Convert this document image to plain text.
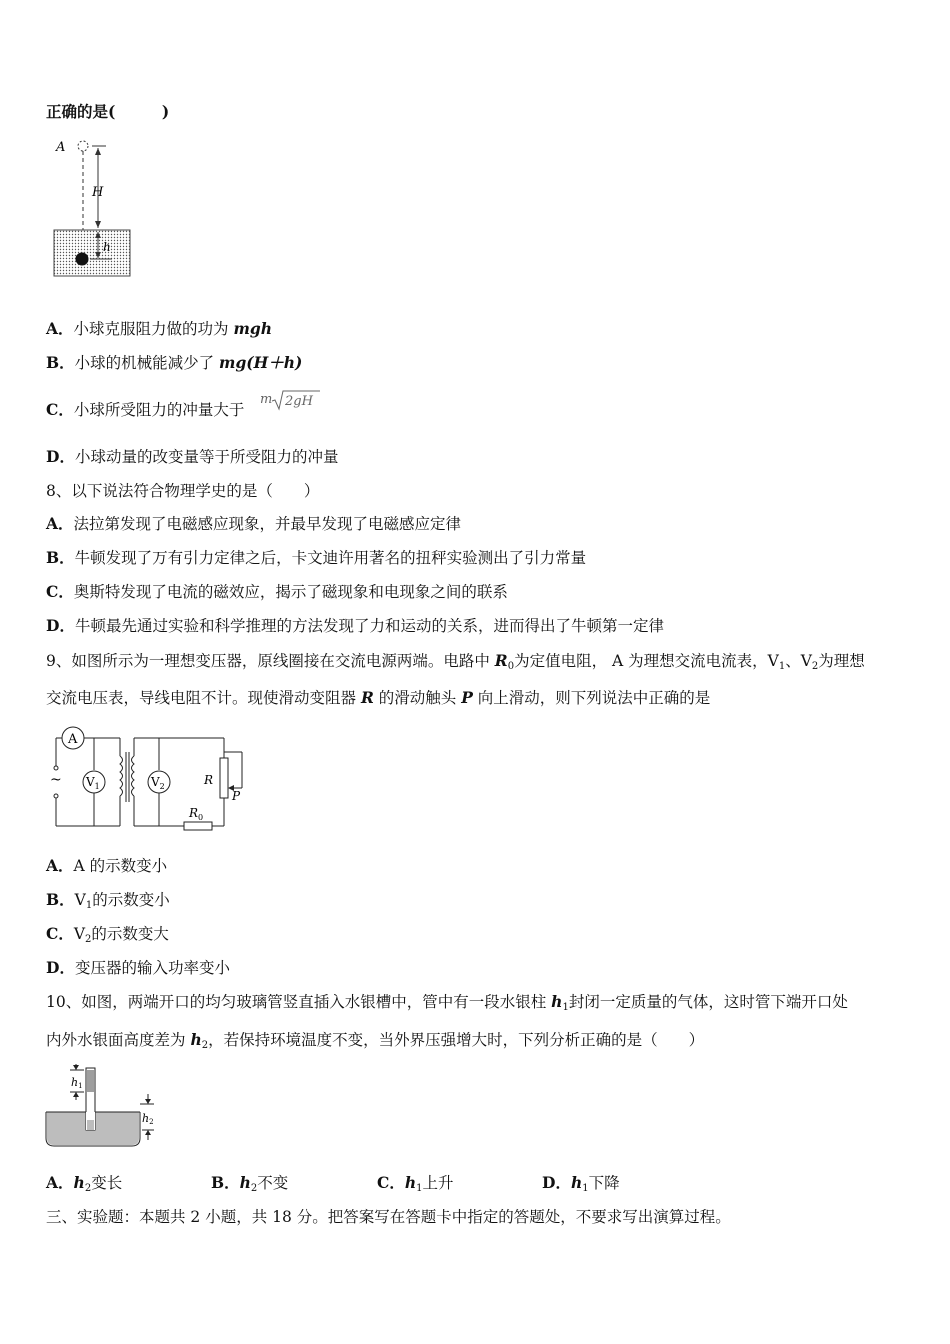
正确的是(　　　)
A
H
h
A．小球克服阻力做的功为 mgh
B．小球的机械能减少了 mg(H＋h)
C．小球所受阻力的冲量大于
m 2gH
D．小球动量的改变量等于所受阻力的冲量
8、以下说法符合物理学史的是（　　）
A．法拉第发现了电磁感应现象，并最早发现了电磁感应定律
B．牛顿发现了万有引力定律之后，卡文迪许用著名的扭秤实验测出了引力常量
C．奥斯特发现了电流的磁效应，揭示了磁现象和电现象之间的联系
D．牛顿最先通过实验和科学推理的方法发现了力和运动的关系，进而得出了牛顿第一定律
9、如图所示为一理想变压器，原线圈接在交流电源两端。电路中 $R_0$为定值电阻， A 为理想交流电流表，$V_1$、$V_2$为理想
交流电压表，导线电阻不计。现使滑动变阻器 R 的滑动触头 P 向上滑动，则下列说法中正确的是
A
~ $V_1$	$V_2$	R
P
$R_0$
A．A 的示数变小
B．$V_1$的示数变小
C．$V_2$的示数变大
D．变压器的输入功率变小
10、如图，两端开口的均匀玻璃管竖直插入水银槽中，管中有一段水银柱 $h_1$封闭一定质量的气体，这时管下端开口处
内外水银面高度差为 $h_2$，若保持环境温度不变，当外界压强增大时，下列分析正确的是（　　）
h1
h2
A．$h_2$变长	B．$h_2$不变	C．$h_1$上升	D．$h_1$下降
三、实验题：本题共 2 小题，共 18 分。把答案写在答题卡中指定的答题处，不要求写出演算过程。
